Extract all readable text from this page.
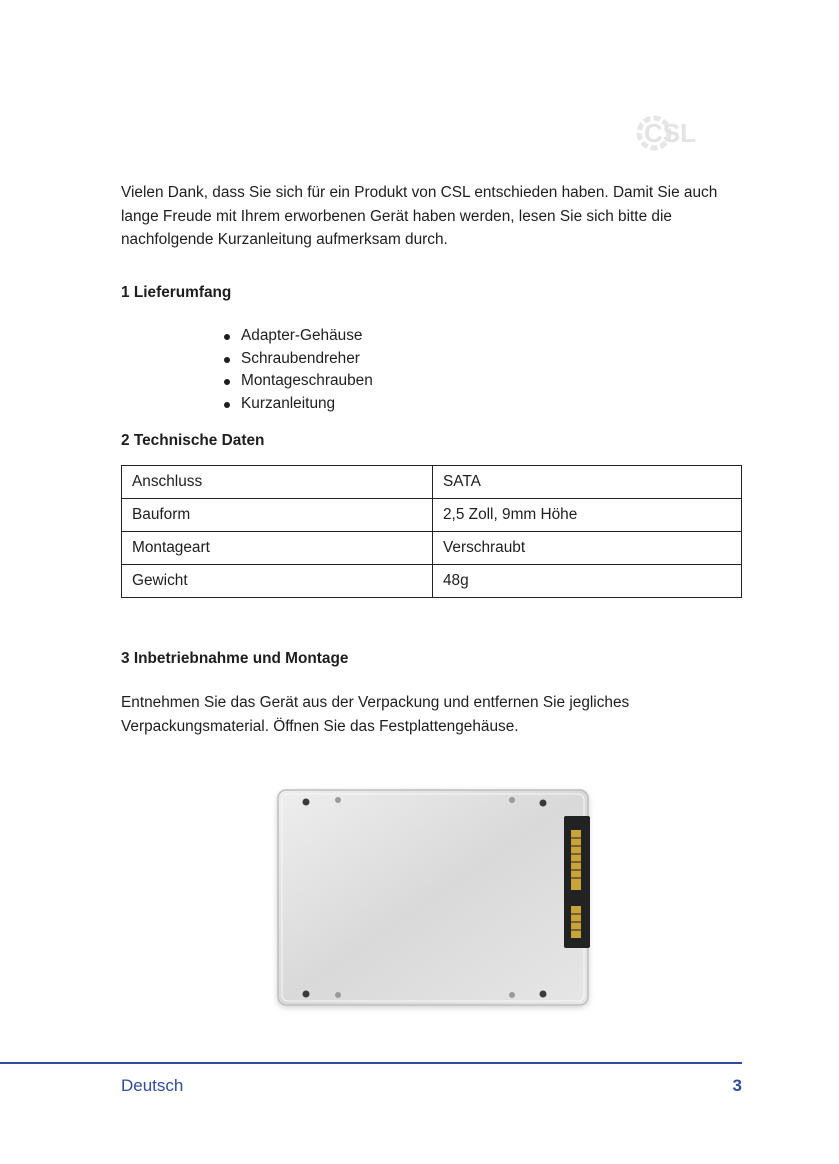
CSL

Vielen Dank, dass Sie sich für ein Produkt von CSL entschieden haben. Damit Sie auch lange Freude mit Ihrem erworbenen Gerät haben werden, lesen Sie sich bitte die nachfolgende Kurzanleitung aufmerksam durch.

1 Lieferumfang
Adapter-Gehäuse
Schraubendreher
Montageschrauben
Kurzanleitung
2 Technische Daten
Anschluss	SATA
Bauform	2,5 Zoll, 9mm Höhe
Montageart	Verschraubt
Gewicht	48g
3 Inbetriebnahme und Montage

Entnehmen Sie das Gerät aus der Verpackung und entfernen Sie jegliches Verpackungsmaterial. Öffnen Sie das Festplattengehäuse.

Deutsch	3
